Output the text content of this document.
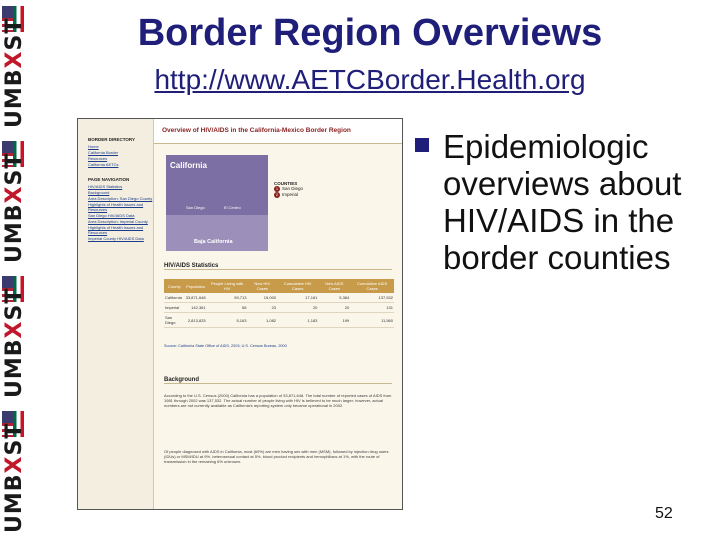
UMBXST
UMBXST
UMBXST
UMBXST
Border Region Overviews
http://www.AETCBorder.Health.org
BORDER DIRECTORY
Home
California Border
Resources
California AETCs
PAGE NAVIGATION
HIV/AIDS Statistics
Background
Area Description: San Diego County
Highlights of Health Issues and Resources
San Diego HIV/AIDS Data
Area Description: Imperial County
Highlights of Health Issues and Resources
Imperial County HIV/AIDS Data
Overview of HIV/AIDS in the California-Mexico Border Region
California
San Diego	El Centro
Baja California
COUNTIES
1 San Diego
2 Imperial
HIV/AIDS Statistics
County	Population	People Living with HIV	New HIV Cases	Cumulative HIV Cases	New AIDS Cases	Cumulative AIDS Cases
California	33,871,648	59,713	15,000	17,161	5,384	137,532
Imperial	142,361	58	23	20	20	131
San Diego	2,813,833	5,163	1,082	1,183	199	11,560
Source: California State Office of AIDS, 2003; U.S. Census Bureau, 2000
Background
According to the U.S. Census (2000) California has a population of 33,871,648. The total number of reported cases of AIDS from 1981 through 2002 was 137,532. The actual number of people living with HIV is believed to be much larger; however, actual numbers are not currently available as California's reporting system only became operational in 2002.
Of people diagnosed with AIDS in California, most (69%) are men having sex with men (MSM), followed by injection drug users (IDUs) or MSM/IDU at 9%, heterosexual contact at 5%, blood product recipients and hemophiliacs at 1%, with the route of transmission in the remaining 6% unknown.

Epidemiologic overviews about HIV/AIDS in the border counties

52
